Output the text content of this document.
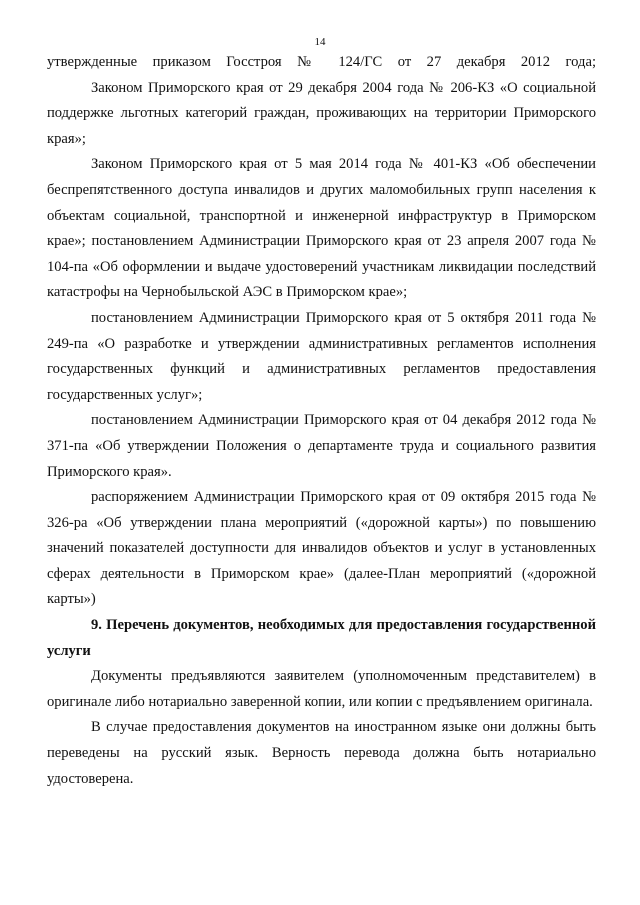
14

утвержденные приказом Госстроя № 124/ГС от 27 декабря 2012 года;

Законом Приморского края от 29 декабря 2004 года № 206-КЗ «О социальной поддержке льготных категорий граждан, проживающих на территории Приморского края»;

Законом Приморского края от 5 мая 2014 года № 401-КЗ «Об обеспечении беспрепятственного доступа инвалидов и других маломобильных групп населения к объектам социальной, транспортной и инженерной инфраструктур в Приморском крае»; постановлением Администрации Приморского края от 23 апреля 2007 года № 104-па «Об оформлении и выдаче удостоверений участникам ликвидации последствий катастрофы на Чернобыльской АЭС в Приморском крае»;

постановлением Администрации Приморского края от 5 октября 2011 года № 249-па «О разработке и утверждении административных регламентов исполнения государственных функций и административных регламентов предоставления государственных услуг»;

постановлением Администрации Приморского края от 04 декабря 2012 года № 371-па «Об утверждении Положения о департаменте труда и социального развития Приморского края».

распоряжением Администрации Приморского края от 09 октября 2015 года № 326-ра «Об утверждении плана мероприятий («дорожной карты») по повышению значений показателей доступности для инвалидов объектов и услуг в установленных сферах деятельности в Приморском крае» (далее-План мероприятий («дорожной карты»)

9. Перечень документов, необходимых для предоставления государственной услуги

Документы предъявляются заявителем (уполномоченным представителем) в оригинале либо нотариально заверенной копии, или копии с предъявлением оригинала.

В случае предоставления документов на иностранном языке они должны быть переведены на русский язык. Верность перевода должна быть нотариально удостоверена.
